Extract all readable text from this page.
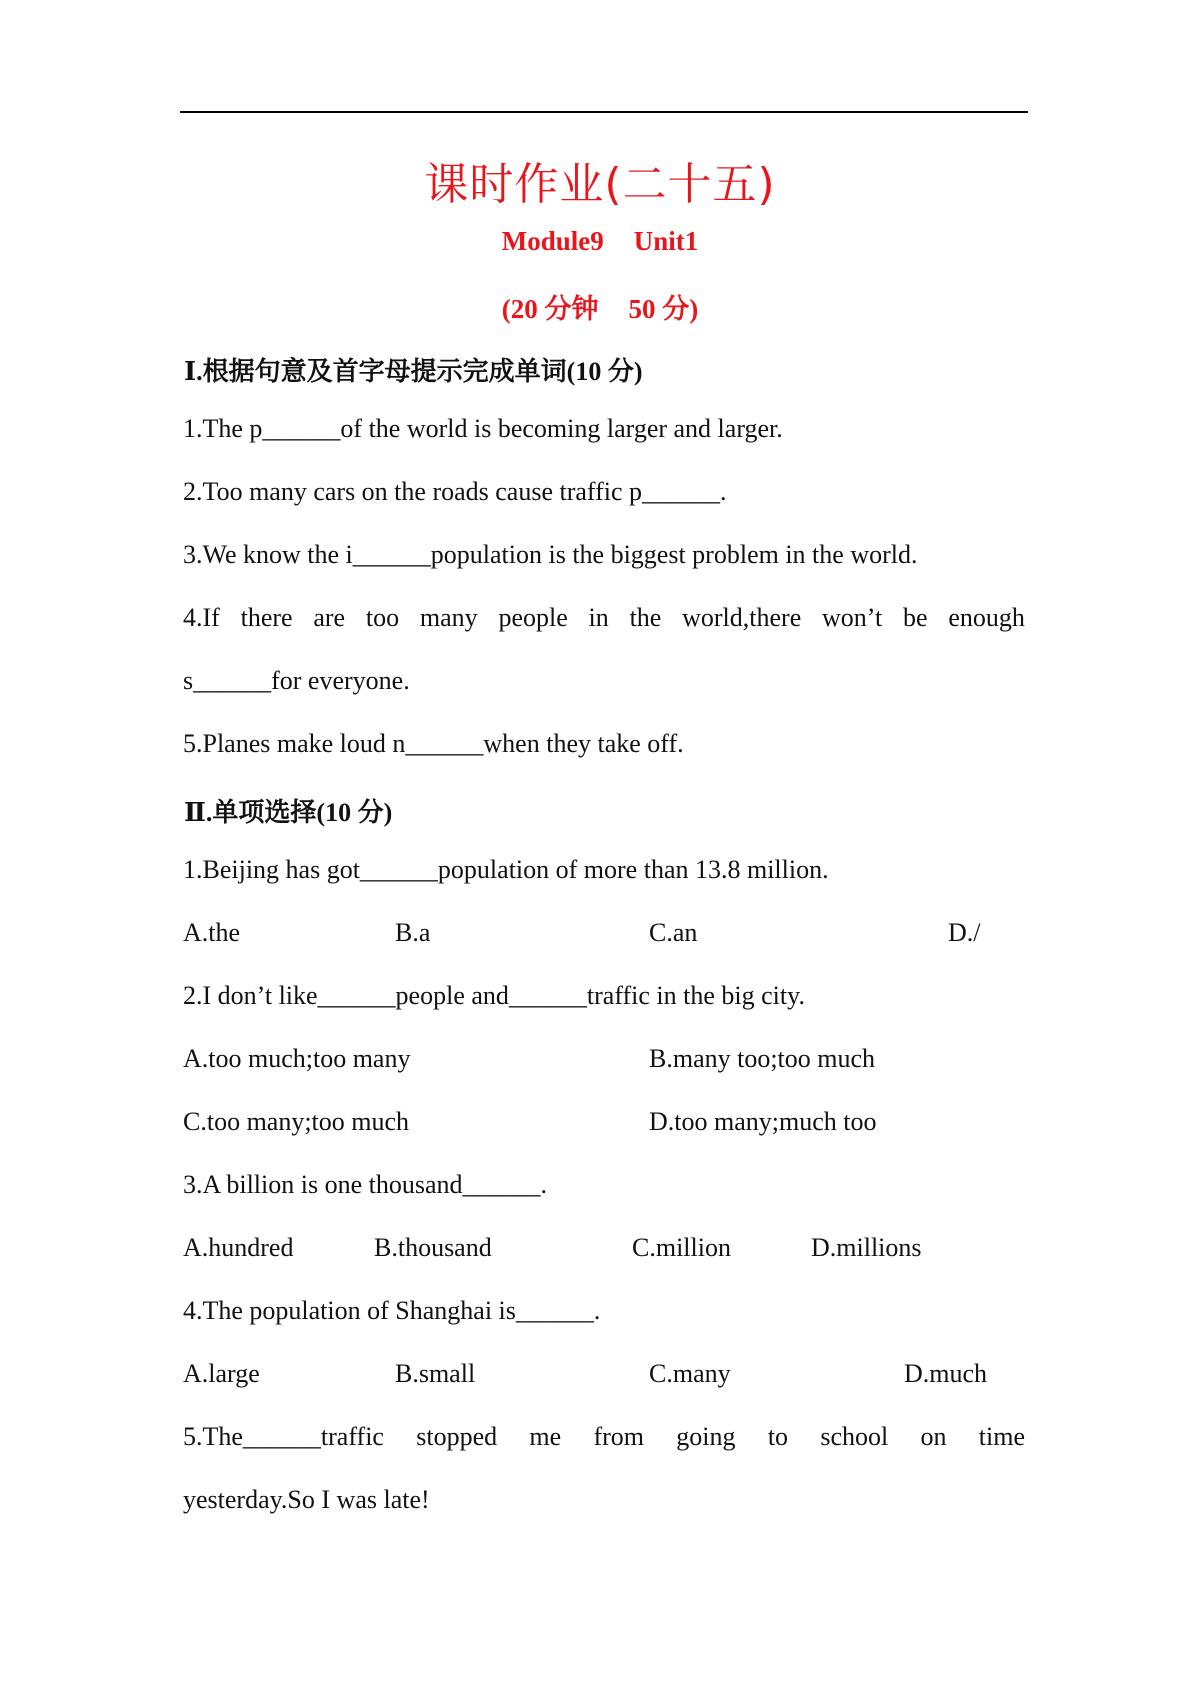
课时作业(二十五)
Module9 Unit1
(20 分钟 50 分)
Ⅰ.根据句意及首字母提示完成单词(10 分)
1.The p______of the world is becoming larger and larger.
2.Too many cars on the roads cause traffic p______.
3.We know the i______population is the biggest problem in the world.
4.If there are too many people in the world,there won’t be enough
s______for everyone.
5.Planes make loud n______when they take off.
Ⅱ.单项选择(10 分)
1.Beijing has got______population of more than 13.8 million.
A.the	B.a	C.an	D./
2.I don’t like______people and______traffic in the big city.
A.too much;too many	B.many too;too much
C.too many;too much	D.too many;much too
3.A billion is one thousand______.
A.hundred	B.thousand	C.million	D.millions
4.The population of Shanghai is______.
A.large	B.small	C.many	D.much
5.The______traffic stopped me from going to school on time
yesterday.So I was late!
